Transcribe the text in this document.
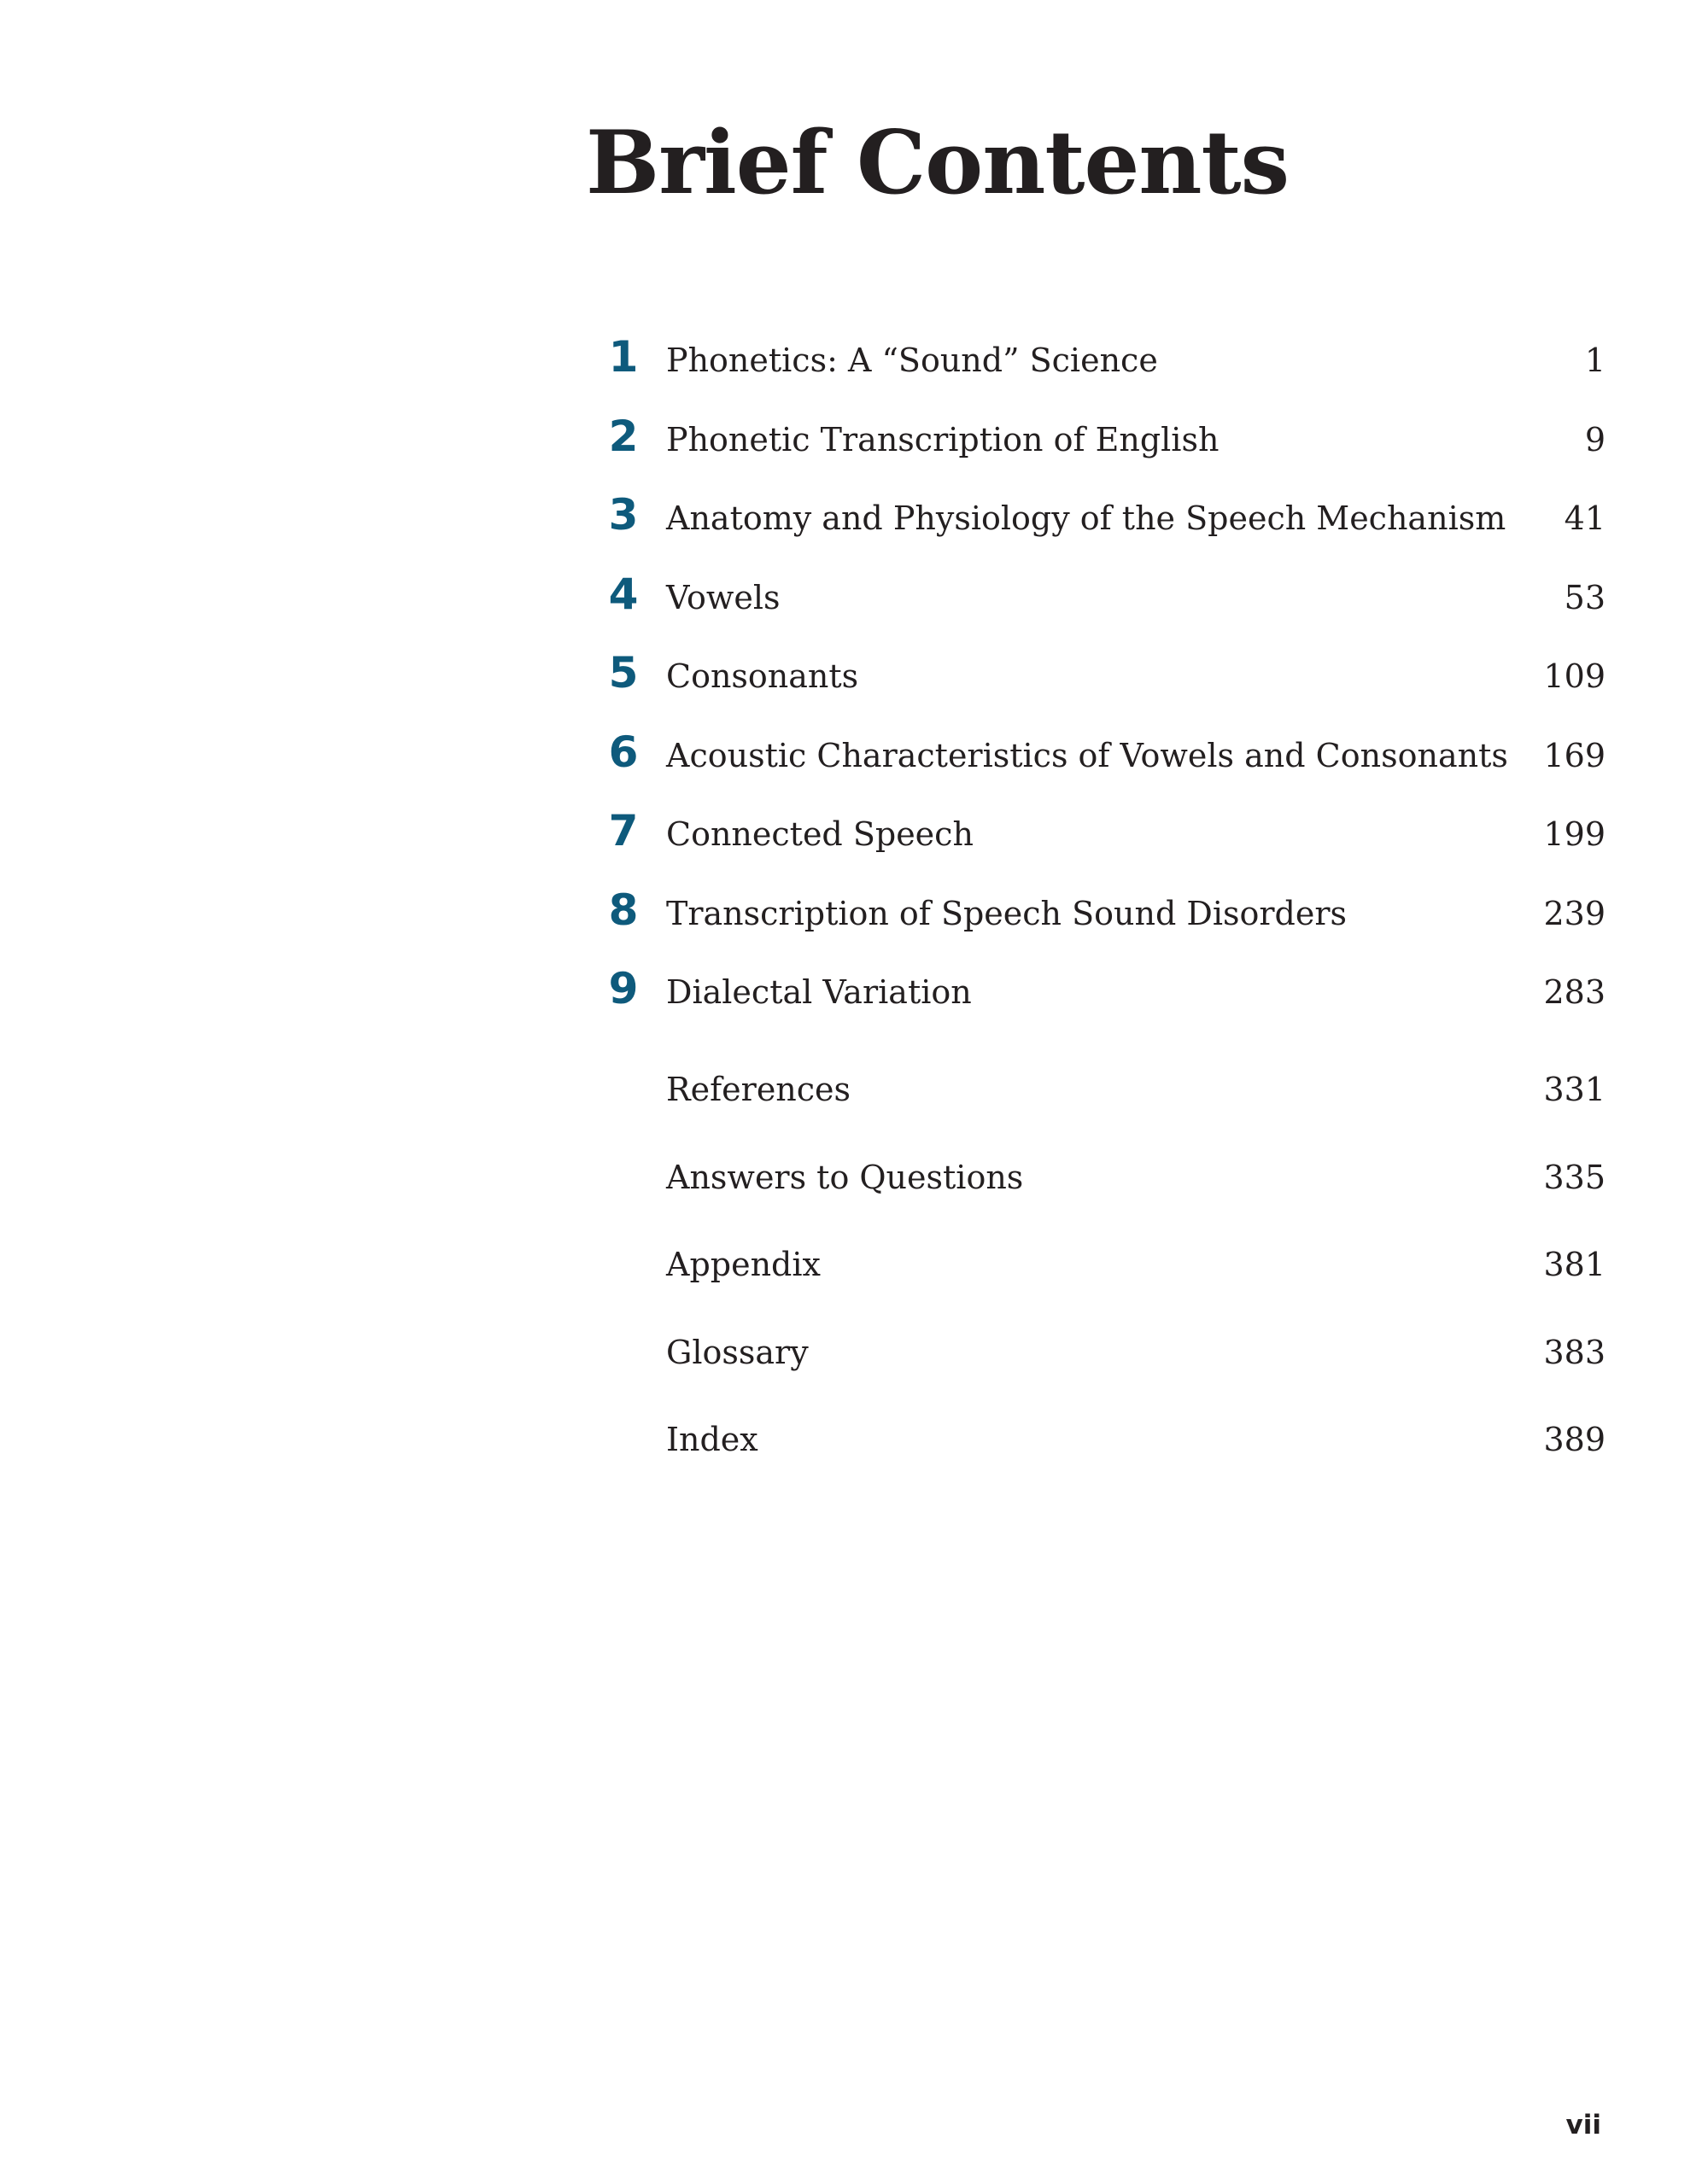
Brief Contents
1 Phonetics: A “Sound” Science	1
2 Phonetic Transcription of English	9
3 Anatomy and Physiology of the Speech Mechanism 41
4 Vowels	53
5 Consonants	109
6 Acoustic Characteristics of Vowels and Consonants 169
7 Connected Speech	199
8 Transcription of Speech Sound Disorders	239
9 Dialectal Variation	283
References	331
Answers to Questions	335
Appendix	381
Glossary	383
Index	389
vii
